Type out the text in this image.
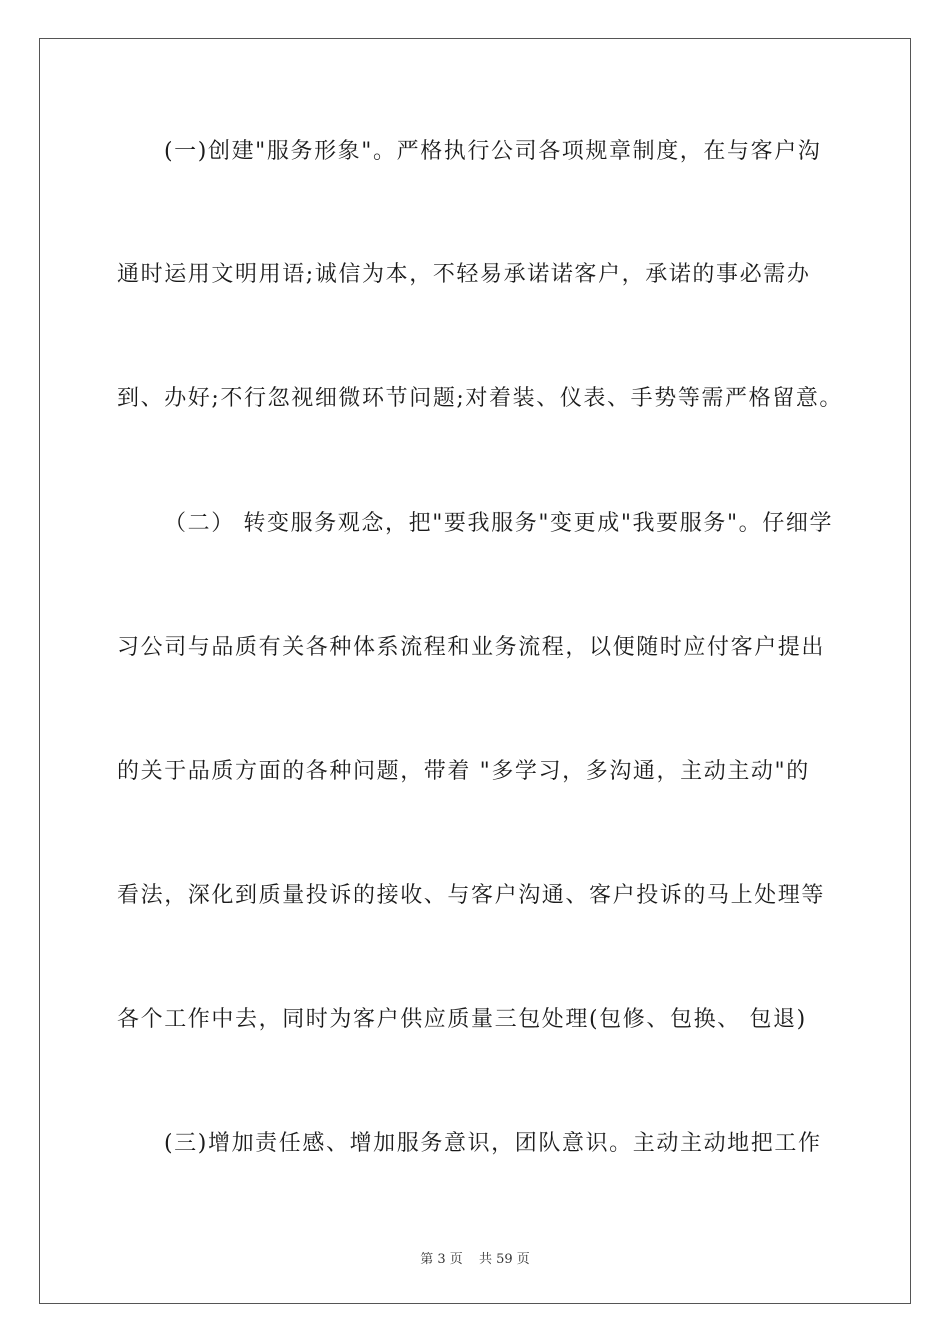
(一)创建"服务形象"。严格执行公司各项规章制度，在与客户沟
通时运用文明用语;诚信为本，不轻易承诺诺客户，承诺的事必需办
到、办好;不行忽视细微环节问题;对着装、仪表、手势等需严格留意。
（二） 转变服务观念，把"要我服务"变更成"我要服务"。仔细学
习公司与品质有关各种体系流程和业务流程，以便随时应付客户提出
的关于品质方面的各种问题，带着 "多学习，多沟通，主动主动"的
看法，深化到质量投诉的接收、与客户沟通、客户投诉的马上处理等
各个工作中去，同时为客户供应质量三包处理(包修、包换、 包退)
(三)增加责任感、增加服务意识，团队意识。主动主动地把工作
第 3 页 共 59 页
